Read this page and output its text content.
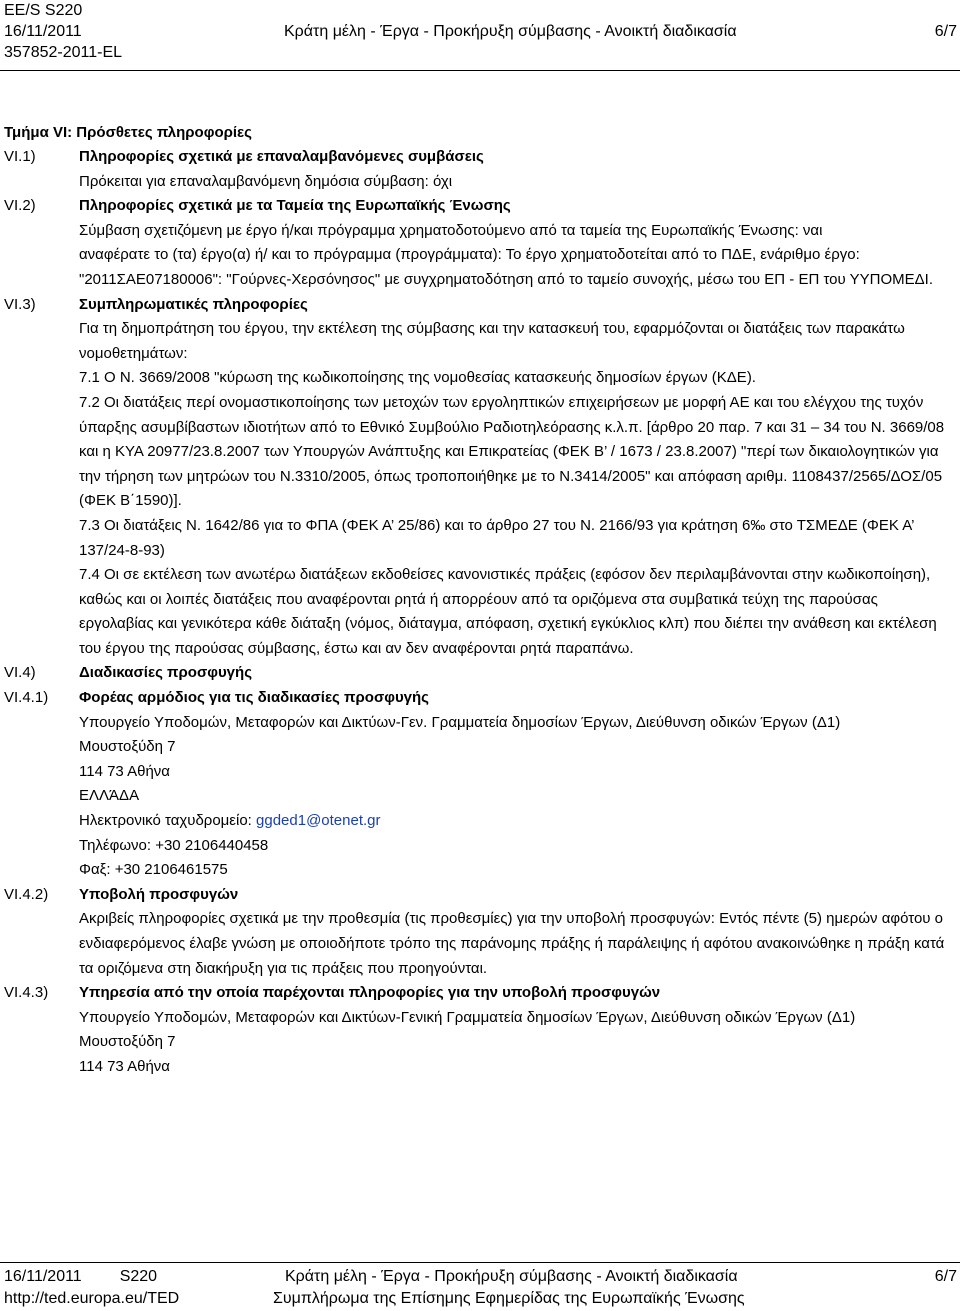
EE/S S220
16/11/2011
357852-2011-EL
Κράτη μέλη - Έργα - Προκήρυξη σύμβασης - Ανοικτή διαδικασία	6/7
Τμήμα VI: Πρόσθετες πληροφορίες
VI.1)	Πληροφορίες σχετικά με επαναλαμβανόμενες συμβάσεις
Πρόκειται για επαναλαμβανόμενη δημόσια σύμβαση: όχι
VI.2)	Πληροφορίες σχετικά με τα Ταμεία της Ευρωπαϊκής Ένωσης
Σύμβαση σχετιζόμενη με έργο ή/και πρόγραμμα χρηματοδοτούμενο από τα ταμεία της Ευρωπαϊκής Ένωσης: ναι
αναφέρατε το (τα) έργο(α) ή/ και το πρόγραμμα (προγράμματα): Το έργο χρηματοδοτείται από το ΠΔΕ, ενάριθμο έργο: "2011ΣΑΕ07180006": "Γούρνες-Χερσόνησος" με συγχρηματοδότηση από το ταμείο συνοχής, μέσω του ΕΠ - ΕΠ του ΥΥΠΟΜΕΔΙ.
VI.3)	Συμπληρωματικές πληροφορίες
Για τη δημοπράτηση του έργου, την εκτέλεση της σύμβασης και την κατασκευή του, εφαρμόζονται οι διατάξεις των παρακάτω νομοθετημάτων:
7.1 Ο Ν. 3669/2008 "κύρωση της κωδικοποίησης της νομοθεσίας κατασκευής δημοσίων έργων (ΚΔΕ).
7.2 Οι διατάξεις περί ονομαστικοποίησης των μετοχών των εργοληπτικών επιχειρήσεων με μορφή ΑΕ και του ελέγχου της τυχόν ύπαρξης ασυμβίβαστων ιδιοτήτων από το Εθνικό Συμβούλιο Ραδιοτηλεόρασης κ.λ.π. [άρθρο 20 παρ. 7 και 31 – 34 του Ν. 3669/08 και η ΚΥΑ 20977/23.8.2007 των Υπουργών Ανάπτυξης και Επικρατείας (ΦΕΚ Β’ / 1673 / 23.8.2007) "περί των δικαιολογητικών για την τήρηση των μητρώων του Ν.3310/2005, όπως τροποποιήθηκε με το Ν.3414/2005" και απόφαση αριθμ. 1108437/2565/ΔΟΣ/05 (ΦΕΚ Β΄1590)].
7.3 Οι διατάξεις Ν. 1642/86 για το ΦΠΑ (ΦΕΚ Α’ 25/86) και το άρθρο 27 του Ν. 2166/93 για κράτηση 6‰ στο ΤΣΜΕΔΕ (ΦΕΚ Α’ 137/24-8-93)
7.4 Οι σε εκτέλεση των ανωτέρω διατάξεων εκδοθείσες κανονιστικές πράξεις (εφόσον δεν περιλαμβάνονται στην κωδικοποίηση), καθώς και οι λοιπές διατάξεις που αναφέρονται ρητά ή απορρέουν από τα οριζόμενα στα συμβατικά τεύχη της παρούσας εργολαβίας και γενικότερα κάθε διάταξη (νόμος, διάταγμα, απόφαση, σχετική εγκύκλιος κλπ) που διέπει την ανάθεση και εκτέλεση του έργου της παρούσας σύμβασης, έστω και αν δεν αναφέρονται ρητά παραπάνω.
VI.4)	Διαδικασίες προσφυγής
VI.4.1)	Φορέας αρμόδιος για τις διαδικασίες προσφυγής
Υπουργείο Υποδομών, Μεταφορών και Δικτύων-Γεν. Γραμματεία δημοσίων Έργων, Διεύθυνση οδικών Έργων (Δ1)
Μουστοξύδη 7
114 73 Αθήνα
ΕΛΛΆΔΑ
Ηλεκτρονικό ταχυδρομείο: ggded1@otenet.gr
Τηλέφωνο: +30 2106440458
Φαξ: +30 2106461575
VI.4.2)	Υποβολή προσφυγών
Ακριβείς πληροφορίες σχετικά με την προθεσμία (τις προθεσμίες) για την υποβολή προσφυγών: Εντός πέντε (5) ημερών αφότου ο ενδιαφερόμενος έλαβε γνώση με οποιοδήποτε τρόπο της παράνομης πράξης ή παράλειψης ή αφότου ανακοινώθηκε η πράξη κατά τα οριζόμενα στη διακήρυξη για τις πράξεις που προηγούνται.
VI.4.3)	Υπηρεσία από την οποία παρέχονται πληροφορίες για την υποβολή προσφυγών
Υπουργείο Υποδομών, Μεταφορών και Δικτύων-Γενική Γραμματεία δημοσίων Έργων, Διεύθυνση οδικών Έργων (Δ1)
Μουστοξύδη 7
114 73 Αθήνα
16/11/2011 S220
http://ted.europa.eu/TED
Κράτη μέλη - Έργα - Προκήρυξη σύμβασης - Ανοικτή διαδικασία
Συμπλήρωμα της Επίσημης Εφημερίδας της Ευρωπαϊκής Ένωσης
6/7
